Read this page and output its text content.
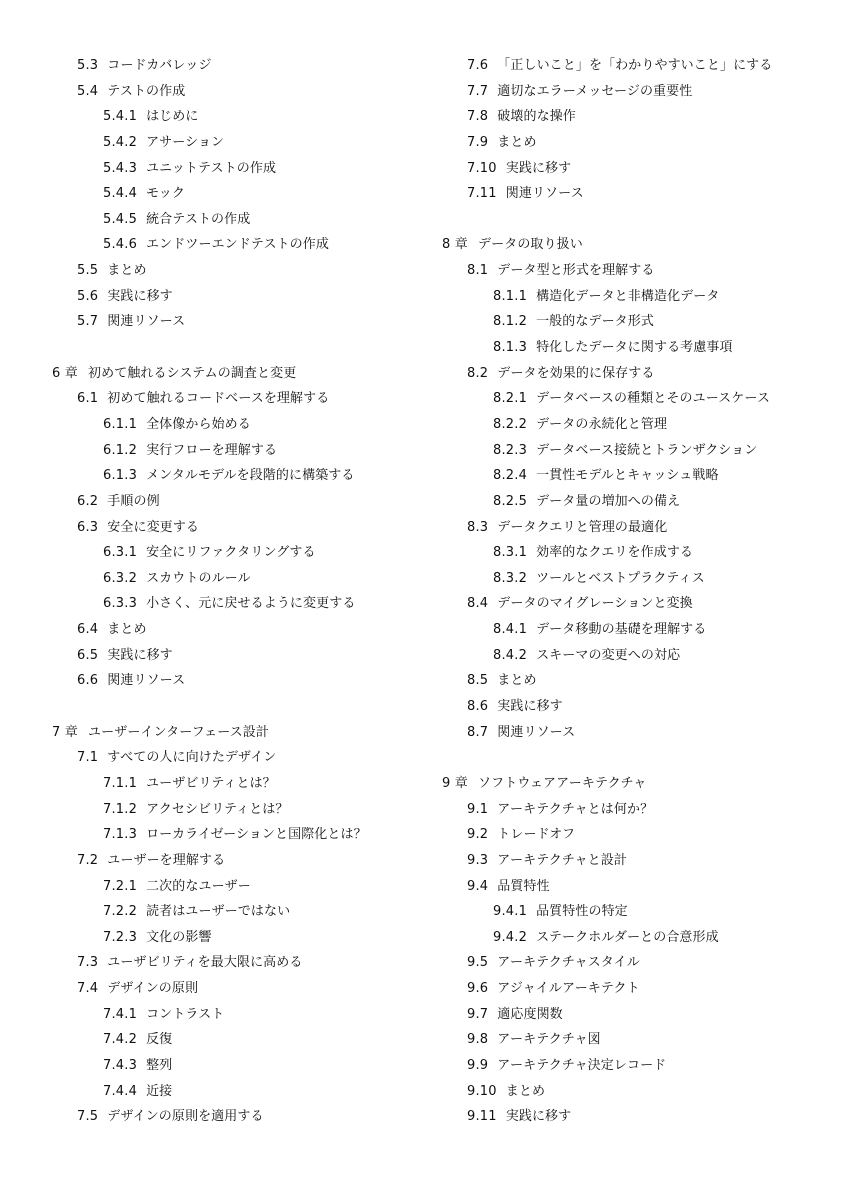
5.3 コードカバレッジ
5.4 テストの作成
5.4.1 はじめに
5.4.2 アサーション
5.4.3 ユニットテストの作成
5.4.4 モック
5.4.5 統合テストの作成
5.4.6 エンドツーエンドテストの作成
5.5 まとめ
5.6 実践に移す
5.7 関連リソース
6 章 初めて触れるシステムの調査と変更
6.1 初めて触れるコードベースを理解する
6.1.1 全体像から始める
6.1.2 実行フローを理解する
6.1.3 メンタルモデルを段階的に構築する
6.2 手順の例
6.3 安全に変更する
6.3.1 安全にリファクタリングする
6.3.2 スカウトのルール
6.3.3 小さく、元に戻せるように変更する
6.4 まとめ
6.5 実践に移す
6.6 関連リソース
7 章 ユーザーインターフェース設計
7.1 すべての人に向けたデザイン
7.1.1 ユーザビリティとは？
7.1.2 アクセシビリティとは？
7.1.3 ローカライゼーションと国際化とは？
7.2 ユーザーを理解する
7.2.1 二次的なユーザー
7.2.2 読者はユーザーではない
7.2.3 文化の影響
7.3 ユーザビリティを最大限に高める
7.4 デザインの原則
7.4.1 コントラスト
7.4.2 反復
7.4.3 整列
7.4.4 近接
7.5 デザインの原則を適用する
7.6 「正しいこと」を「わかりやすいこと」にする
7.7 適切なエラーメッセージの重要性
7.8 破壊的な操作
7.9 まとめ
7.10 実践に移す
7.11 関連リソース
8 章 データの取り扱い
8.1 データ型と形式を理解する
8.1.1 構造化データと非構造化データ
8.1.2 一般的なデータ形式
8.1.3 特化したデータに関する考慮事項
8.2 データを効果的に保存する
8.2.1 データベースの種類とそのユースケース
8.2.2 データの永続化と管理
8.2.3 データベース接続とトランザクション
8.2.4 一貫性モデルとキャッシュ戦略
8.2.5 データ量の増加への備え
8.3 データクエリと管理の最適化
8.3.1 効率的なクエリを作成する
8.3.2 ツールとベストプラクティス
8.4 データのマイグレーションと変換
8.4.1 データ移動の基礎を理解する
8.4.2 スキーマの変更への対応
8.5 まとめ
8.6 実践に移す
8.7 関連リソース
9 章 ソフトウェアアーキテクチャ
9.1 アーキテクチャとは何か？
9.2 トレードオフ
9.3 アーキテクチャと設計
9.4 品質特性
9.4.1 品質特性の特定
9.4.2 ステークホルダーとの合意形成
9.5 アーキテクチャスタイル
9.6 アジャイルアーキテクト
9.7 適応度関数
9.8 アーキテクチャ図
9.9 アーキテクチャ決定レコード
9.10 まとめ
9.11 実践に移す
